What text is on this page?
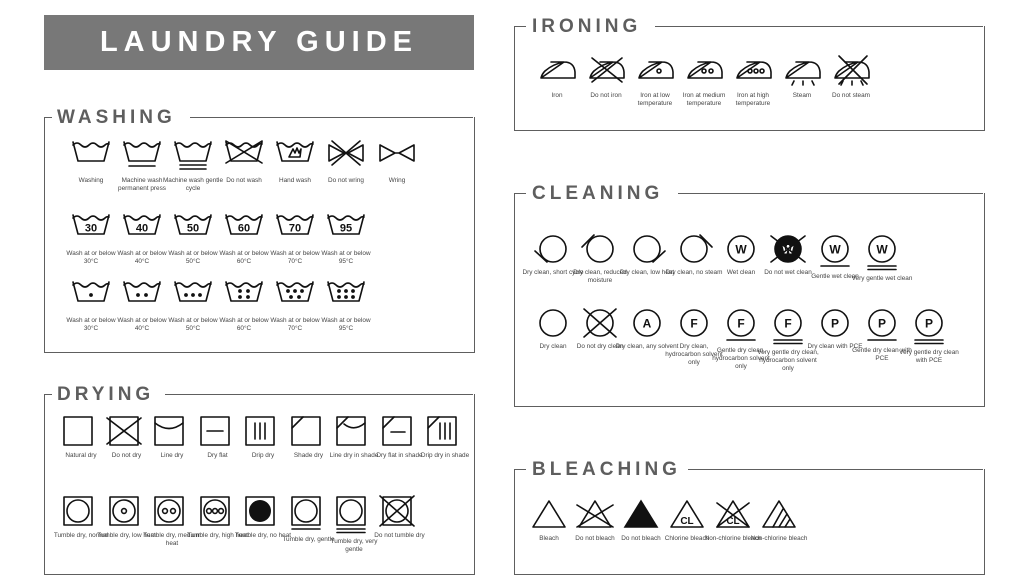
LAUNDRY GUIDE
Washing	Machine wash permanent press
Machine wash gentle cycle
Do not wash	Hand wash	Do not wring	Wring
30
Wash at or below 30°C
40
Wash at or below 40°C
50
Wash at or below 50°C
60
Wash at or below 60°C
70
Wash at or below 70°C
95
Wash at or below 95°C
Wash at or below 30°C
Wash at or below 40°C
Wash at or below 50°C
Wash at or below 60°C
Wash at or below 70°C
Wash at or below 95°C
WASHING
Natural dry	Do not dry	Line dry	Dry flat	Drip dry	Shade dry	Line dry in shade
Dry flat in shade
Drip dry in shade
Tumble dry, normal
Tumble dry, low heat
Tumble dry, medium heat
Tumble dry, high heat
Tumble dry, no heat
Tumble dry, gentle
Tumble dry, very gentle
Do not tumble dry
DRYING
Iron	Do not iron	Iron at low temperature
Iron at medium temperature
Iron at high temperature
Steam	Do not steam
IRONING
Dry clean, short cycle
Dry clean, reduced moisture
Dry clean, low heat
Dry clean, no steam
W
Wet clean
W
Do not wet clean
W
Gentle wet clean
W
Very gentle wet clean
Dry clean	Do not dry clean
A
Dry clean, any solvent
F
Dry clean, hydrocarbon solvent only
F
Gentle dry clean, hydrocarbon solvent only
F
Very gentle dry clean, hydrocarbon solvent only
P
Dry clean with PCE
P
Gentle dry clean with PCE
P
Very gentle dry clean with PCE
CLEANING
Bleach	Do not bleach	Do not bleach
CL
Chlorine bleach
CL
Non-chlorine bleach
Non-chlorine bleach
BLEACHING
